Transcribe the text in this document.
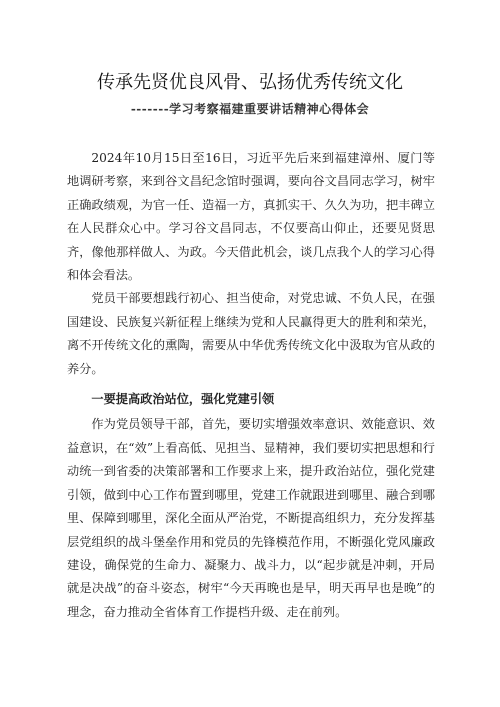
传承先贤优良风骨、弘扬优秀传统文化
-------学习考察福建重要讲话精神心得体会

2024年10月15日至16日，习近平先后来到福建漳州、厦门等地调研考察，来到谷文昌纪念馆时强调，要向谷文昌同志学习，树牢正确政绩观，为官一任、造福一方，真抓实干、久久为功，把丰碑立在人民群众心中。学习谷文昌同志，不仅要高山仰止，还要见贤思齐，像他那样做人、为政。今天借此机会，谈几点我个人的学习心得和体会看法。

党员干部要想践行初心、担当使命，对党忠诚、不负人民，在强国建设、民族复兴新征程上继续为党和人民赢得更大的胜利和荣光，离不开传统文化的熏陶，需要从中华优秀传统文化中汲取为官从政的养分。

一要提高政治站位，强化党建引领

作为党员领导干部，首先，要切实增强效率意识、效能意识、效益意识，在“效”上看高低、见担当、显精神，我们要切实把思想和行动统一到省委的决策部署和工作要求上来，提升政治站位，强化党建引领，做到中心工作布置到哪里，党建工作就跟进到哪里、融合到哪里、保障到哪里，深化全面从严治党，不断提高组织力，充分发挥基层党组织的战斗堡垒作用和党员的先锋模范作用，不断强化党风廉政建设，确保党的生命力、凝聚力、战斗力，以“起步就是冲刺，开局就是决战”的奋斗姿态，树牢“今天再晚也是早，明天再早也是晚”的理念，奋力推动全省体育工作提档升级、走在前列。
